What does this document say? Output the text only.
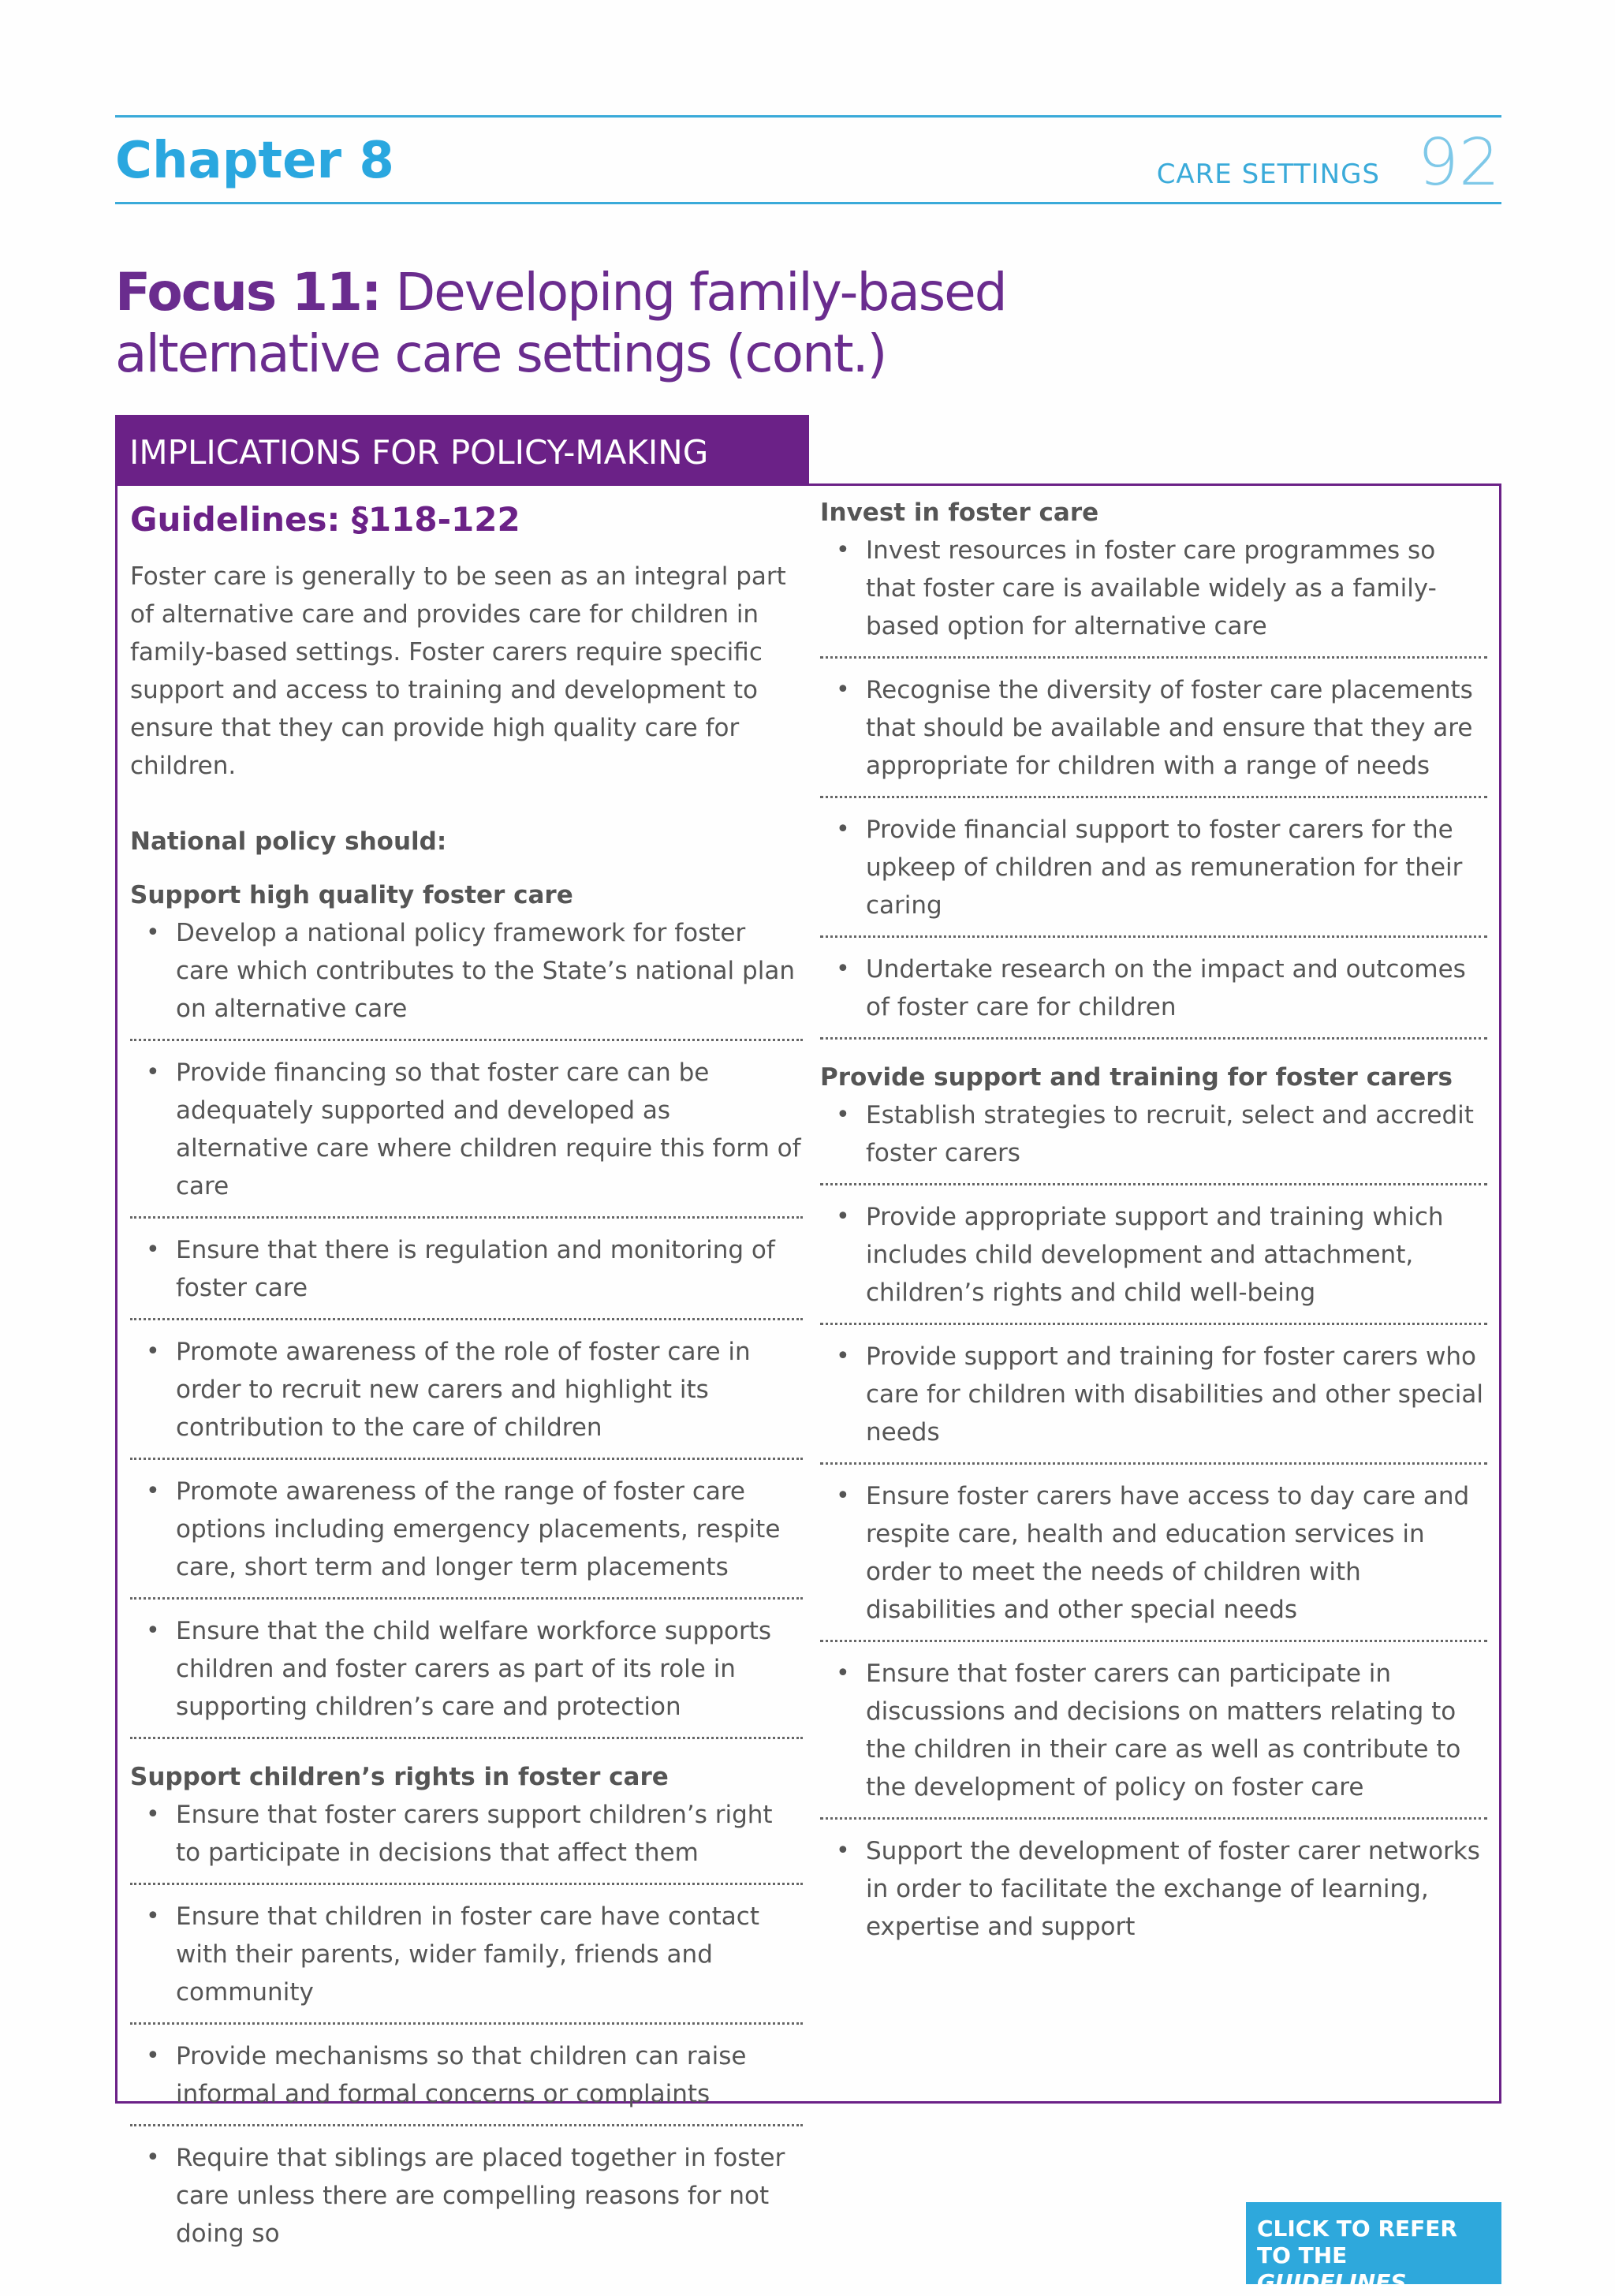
Chapter 8	CARE SETTINGS 92
Focus 11: Developing family-based
alternative care settings (cont.)
IMPLICATIONS FOR POLICY-MAKING
Guidelines: §118-122
Foster care is generally to be seen as an integral part of alternative care and provides care for children in family-based settings. Foster carers require specific support and access to training and development to ensure that they can provide high quality care for children.
National policy should:
Support high quality foster care
• Develop a national policy framework for foster care which contributes to the State’s national plan on alternative care
• Provide financing so that foster care can be adequately supported and developed as alternative care where children require this form of care
• Ensure that there is regulation and monitoring of foster care
• Promote awareness of the role of foster care in order to recruit new carers and highlight its contribution to the care of children
• Promote awareness of the range of foster care options including emergency placements, respite care, short term and longer term placements
• Ensure that the child welfare workforce supports children and foster carers as part of its role in supporting children’s care and protection
Support children’s rights in foster care
• Ensure that foster carers support children’s right to participate in decisions that affect them
• Ensure that children in foster care have contact with their parents, wider family, friends and community
• Provide mechanisms so that children can raise informal and formal concerns or complaints
• Require that siblings are placed together in foster care unless there are compelling reasons for not doing so
Invest in foster care
• Invest resources in foster care programmes so that foster care is available widely as a family-based option for alternative care
• Recognise the diversity of foster care placements that should be available and ensure that they are appropriate for children with a range of needs
• Provide financial support to foster carers for the upkeep of children and as remuneration for their caring
• Undertake research on the impact and outcomes of foster care for children
Provide support and training for foster carers
• Establish strategies to recruit, select and accredit foster carers
• Provide appropriate support and training which includes child development and attachment, children’s rights and child well-being
• Provide support and training for foster carers who care for children with disabilities and other special needs
• Ensure foster carers have access to day care and respite care, health and education services in order to meet the needs of children with disabilities and other special needs
• Ensure that foster carers can participate in discussions and decisions on matters relating to the children in their care as well as contribute to the development of policy on foster care
• Support the development of foster carer networks in order to facilitate the exchange of learning, expertise and support
CLICK TO REFER
TO THE GUIDELINES
